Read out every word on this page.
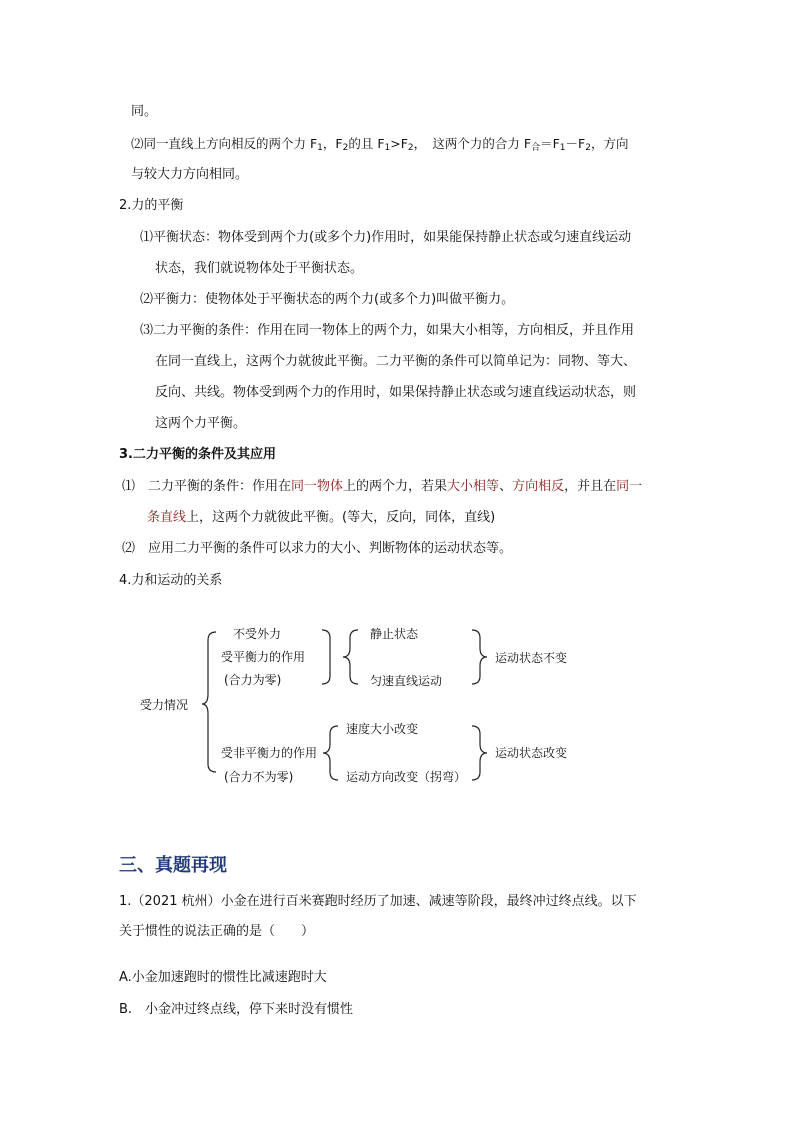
同。
⑵同一直线上方向相反的两个力 $F_1$，$F_2$的且 $F_1>F_2$，　这两个力的合力 $F_合=F_1-F_2$，方向
与较大力方向相同。
2.力的平衡
⑴平衡状态：物体受到两个力(或多个力)作用时，如果能保持静止状态或匀速直线运动
状态，我们就说物体处于平衡状态。
⑵平衡力：使物体处于平衡状态的两个力(或多个力)叫做平衡力。
⑶二力平衡的条件：作用在同一物体上的两个力，如果大小相等，方向相反，并且作用
在同一直线上，这两个力就彼此平衡。二力平衡的条件可以简单记为：同物、等大、
反向、共线。物体受到两个力的作用时，如果保持静止状态或匀速直线运动状态，则
这两个力平衡。
3.二力平衡的条件及其应用
⑴　二力平衡的条件：作用在同一物体上的两个力，若果大小相等、方向相反，并且在同一
条直线上，这两个力就彼此平衡。(等大，反向，同体，直线)
⑵　应用二力平衡的条件可以求力的大小、判断物体的运动状态等。
4.力和运动的关系
受力情况
不受外力
受平衡力的作用
(合力为零)
静止状态
匀速直线运动
运动状态不变
受非平衡力的作用
(合力不为零)
速度大小改变
运动方向改变（拐弯）
运动状态改变
三、真题再现
1.（2021 杭州）小金在进行百米赛跑时经历了加速、减速等阶段，最终冲过终点线。以下
关于惯性的说法正确的是（　　）
A.小金加速跑时的惯性比减速跑时大
B.　小金冲过终点线，停下来时没有惯性
